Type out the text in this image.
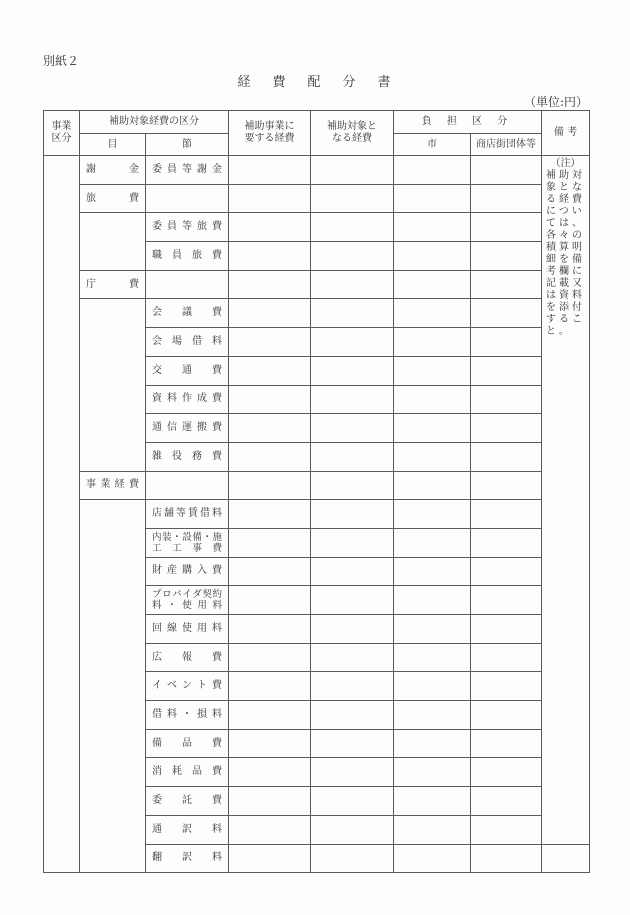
別紙２
経費配分書
（単位:円）
事業区分	補助対象経費の区分		補助事業に要する経費	補助対象となる経費	負 担 区 分		備 考
	目	節			市	商店街団体等	
	謝金	委員等謝金					（注）
補助対象となる経費については、各々の積算明細を備考欄に記載又は資料を添付すること。
	旅費						
		委員等旅費					
		職員旅費					
	庁費						
		会議費					
		会場借料					
		交通費					
		資料作成費					
		通信運搬費					
		雑役務費					
	事業経費						
		店舗等賃借料					
		内装・設備・施工工事費					
		財産購入費					
		プロバイダ契約料・使用料					
		回線使用料					
		広報費					
		イベント費					
		借料・損料					
		備品費					
		消耗品費					
		委託費					
		通訳料					
		翻訳料					
